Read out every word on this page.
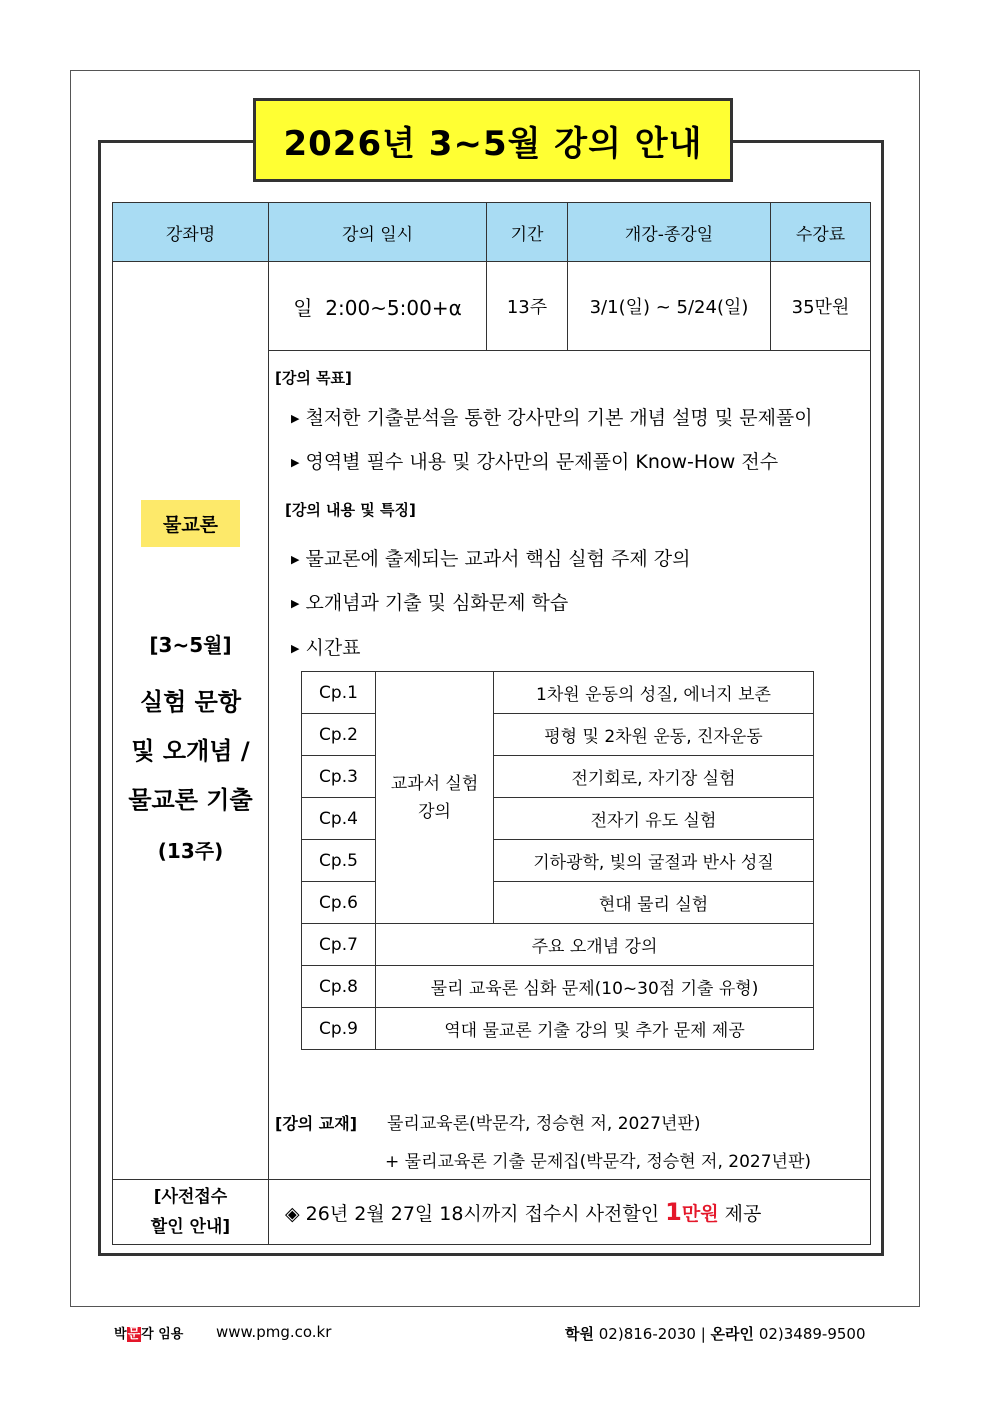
2026년 3~5월 강의 안내
강좌명	강의 일시	기간	개강-종강일	수강료
물교론
[3~5월]
실험 문항
및 오개념 /
물교론 기출
(13주)
	일  2:00~5:00+α	13주	3/1(일) ~ 5/24(일)	35만원

[강의 목표]
▶ 철저한 기출분석을 통한 강사만의 기본 개념 설명 및 문제풀이
▶ 영역별 필수 내용 및 강사만의 문제풀이 Know-How 전수
[강의 내용 및 특징]
▶ 물교론에 출제되는 교과서 핵심 실험 주제 강의
▶ 오개념과 기출 및 심화문제 학습
▶ 시간표
Cp.1	교과서 실험 강의	1차원 운동의 성질, 에너지 보존
Cp.2	평형 및 2차원 운동, 진자운동
Cp.3	전기회로, 자기장 실험
Cp.4	전자기 유도 실험
Cp.5	기하광학, 빛의 굴절과 반사 성질
Cp.6	현대 물리 실험
Cp.7	주요 오개념 강의
Cp.8	물리 교육론 심화 문제(10~30점 기출 유형)
Cp.9	역대 물교론 기출 강의 및 추가 문제 제공
[강의 교재] 물리교육론(박문각, 정승현 저, 2027년판)
+ 물리교육론 기출 문제집(박문각, 정승현 저, 2027년판)

[사전접수
할인 안내]
	◈ 26년 2월 27일 18시까지 접수시 사전할인 1만원 제공
박문각 임용 www.pmg.co.kr	학원 02)816-2030 | 온라인 02)3489-9500
